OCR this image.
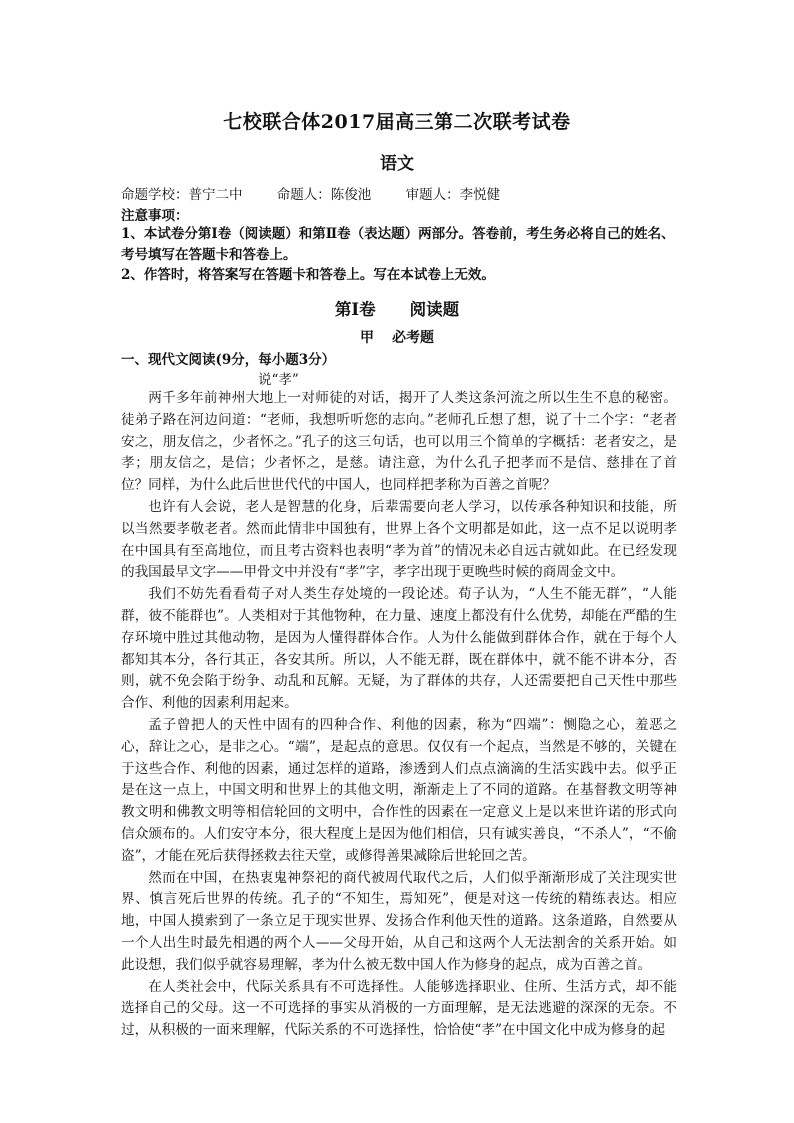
七校联合体2017届高三第二次联考试卷
语文
命题学校：普宁二中	命题人：陈俊池	审题人：李悦健
注意事项：
1、本试卷分第Ⅰ卷（阅读题）和第Ⅱ卷（表达题）两部分。答卷前，考生务必将自己的姓名、考号填写在答题卡和答卷上。
2、作答时，将答案写在答题卡和答卷上。写在本试卷上无效。
第Ⅰ卷 阅读题
甲 必考题
一、现代文阅读(9分，每小题3分）
说“孝”

两千多年前神州大地上一对师徒的对话，揭开了人类这条河流之所以生生不息的秘密。徒弟子路在河边问道：“老师，我想听听您的志向。”老师孔丘想了想，说了十二个字：“老者安之，朋友信之，少者怀之。”孔子的这三句话，也可以用三个简单的字概括：老者安之，是孝；朋友信之，是信；少者怀之，是慈。请注意，为什么孔子把孝而不是信、慈排在了首位？同样，为什么此后世世代代的中国人，也同样把孝称为百善之首呢？

也许有人会说，老人是智慧的化身，后辈需要向老人学习，以传承各种知识和技能，所以当然要孝敬老者。然而此情非中国独有，世界上各个文明都是如此，这一点不足以说明孝在中国具有至高地位，而且考古资料也表明“孝为首”的情况未必自远古就如此。在已经发现的我国最早文字——甲骨文中并没有“孝”字，孝字出现于更晚些时候的商周金文中。

我们不妨先看看荀子对人类生存处境的一段论述。荀子认为，“人生不能无群”，“人能群，彼不能群也”。人类相对于其他物种，在力量、速度上都没有什么优势，却能在严酷的生存环境中胜过其他动物，是因为人懂得群体合作。人为什么能做到群体合作，就在于每个人都知其本分，各行其正，各安其所。所以，人不能无群，既在群体中，就不能不讲本分，否则，就不免会陷于纷争、动乱和瓦解。无疑，为了群体的共存，人还需要把自己天性中那些合作、利他的因素利用起来。

孟子曾把人的天性中固有的四种合作、利他的因素，称为“四端”：恻隐之心，羞恶之心，辞让之心，是非之心。“端”，是起点的意思。仅仅有一个起点，当然是不够的，关键在于这些合作、利他的因素，通过怎样的道路，渗透到人们点点滴滴的生活实践中去。似乎正是在这一点上，中国文明和世界上的其他文明，渐渐走上了不同的道路。在基督教文明等神教文明和佛教文明等相信轮回的文明中，合作性的因素在一定意义上是以来世许诺的形式向信众颁布的。人们安守本分，很大程度上是因为他们相信，只有诚实善良，“不杀人”，“不偷盗”，才能在死后获得拯救去往天堂，或修得善果减除后世轮回之苦。

然而在中国，在热衷鬼神祭祀的商代被周代取代之后，人们似乎渐渐形成了关注现实世界、慎言死后世界的传统。孔子的“不知生，焉知死”，便是对这一传统的精练表达。相应地，中国人摸索到了一条立足于现实世界、发扬合作利他天性的道路。这条道路，自然要从一个人出生时最先相遇的两个人——父母开始，从自己和这两个人无法割舍的关系开始。如此设想，我们似乎就容易理解，孝为什么被无数中国人作为修身的起点，成为百善之首。

在人类社会中，代际关系具有不可选择性。人能够选择职业、住所、生活方式，却不能选择自己的父母。这一不可选择的事实从消极的一方面理解，是无法逃避的深深的无奈。不过，从积极的一面来理解，代际关系的不可选择性，恰恰使“孝”在中国文化中成为修身的起
